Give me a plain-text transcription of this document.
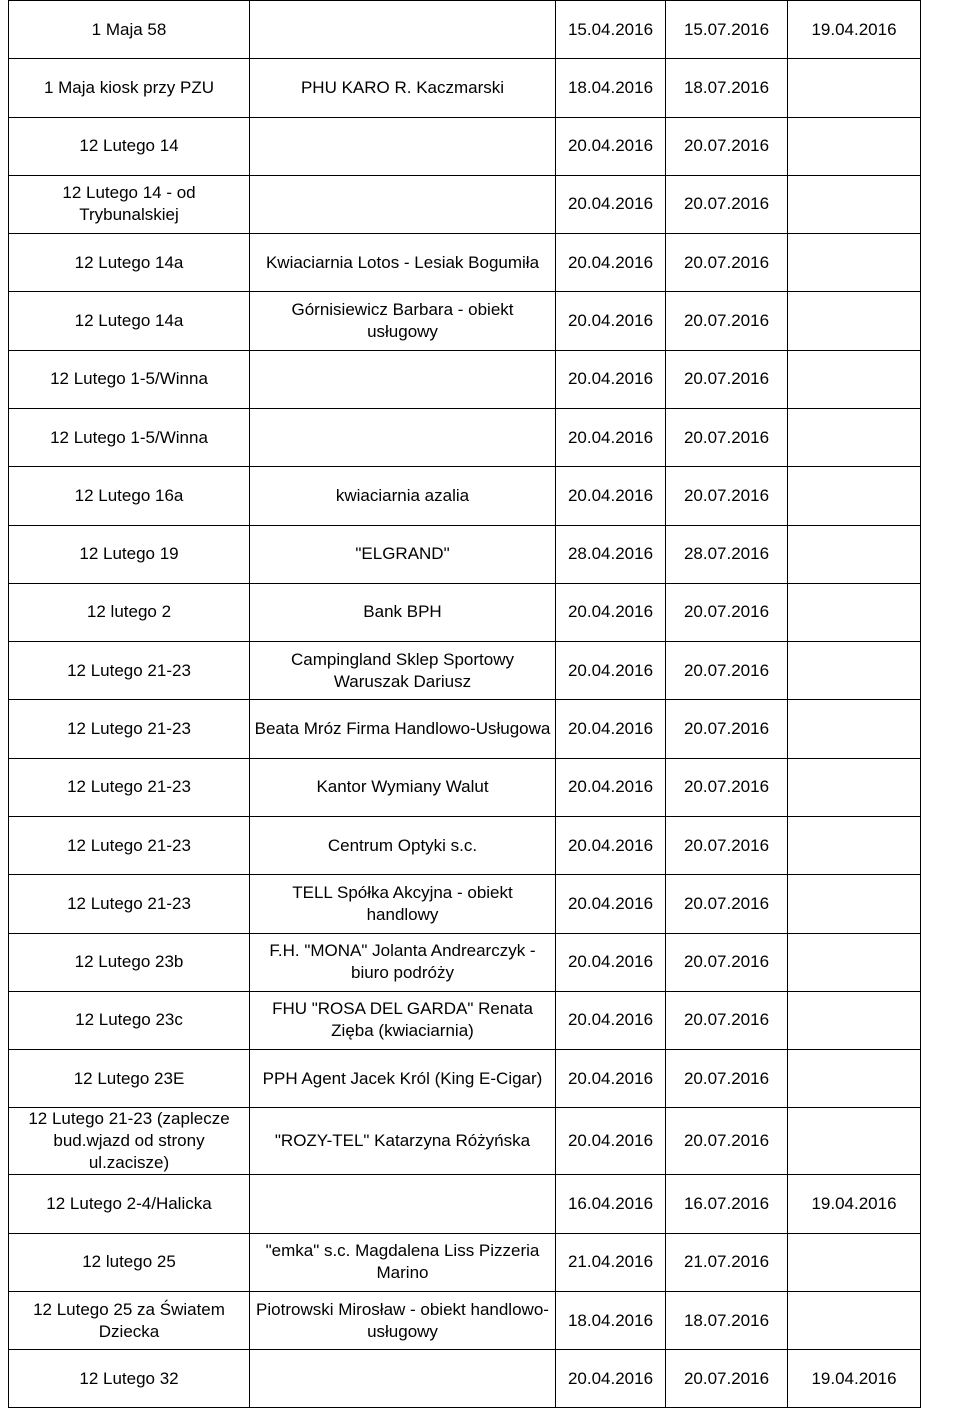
1 Maja 58		15.04.2016	15.07.2016	19.04.2016
1 Maja kiosk przy PZU	PHU KARO R. Kaczmarski	18.04.2016	18.07.2016	
12 Lutego 14		20.04.2016	20.07.2016	
12 Lutego 14 - od Trybunalskiej		20.04.2016	20.07.2016	
12 Lutego 14a	Kwiaciarnia Lotos - Lesiak Bogumiła	20.04.2016	20.07.2016	
12 Lutego 14a	Górnisiewicz Barbara - obiekt usługowy	20.04.2016	20.07.2016	
12 Lutego 1-5/Winna		20.04.2016	20.07.2016	
12 Lutego 1-5/Winna		20.04.2016	20.07.2016	
12 Lutego 16a	kwiaciarnia azalia	20.04.2016	20.07.2016	
12 Lutego 19	"ELGRAND"	28.04.2016	28.07.2016	
12 lutego 2	Bank BPH	20.04.2016	20.07.2016	
12 Lutego 21-23	Campingland Sklep Sportowy Waruszak Dariusz	20.04.2016	20.07.2016	
12 Lutego 21-23	Beata Mróz Firma Handlowo-Usługowa	20.04.2016	20.07.2016	
12 Lutego 21-23	Kantor Wymiany Walut	20.04.2016	20.07.2016	
12 Lutego 21-23	Centrum Optyki s.c.	20.04.2016	20.07.2016	
12 Lutego 21-23	TELL Spółka Akcyjna - obiekt handlowy	20.04.2016	20.07.2016	
12 Lutego 23b	F.H. "MONA" Jolanta Andrearczyk - biuro podróży	20.04.2016	20.07.2016	
12 Lutego 23c	FHU "ROSA DEL GARDA" Renata Zięba (kwiaciarnia)	20.04.2016	20.07.2016	
12 Lutego 23E	PPH Agent Jacek Król (King E-Cigar)	20.04.2016	20.07.2016	
12 Lutego 21-23 (zaplecze bud.wjazd od strony ul.zacisze)	"ROZY-TEL" Katarzyna Różyńska	20.04.2016	20.07.2016	
12 Lutego 2-4/Halicka		16.04.2016	16.07.2016	19.04.2016
12 lutego 25	"emka" s.c. Magdalena Liss Pizzeria Marino	21.04.2016	21.07.2016	
12 Lutego 25 za Światem Dziecka	Piotrowski Mirosław - obiekt handlowo-usługowy	18.04.2016	18.07.2016	
12 Lutego 32		20.04.2016	20.07.2016	19.04.2016
